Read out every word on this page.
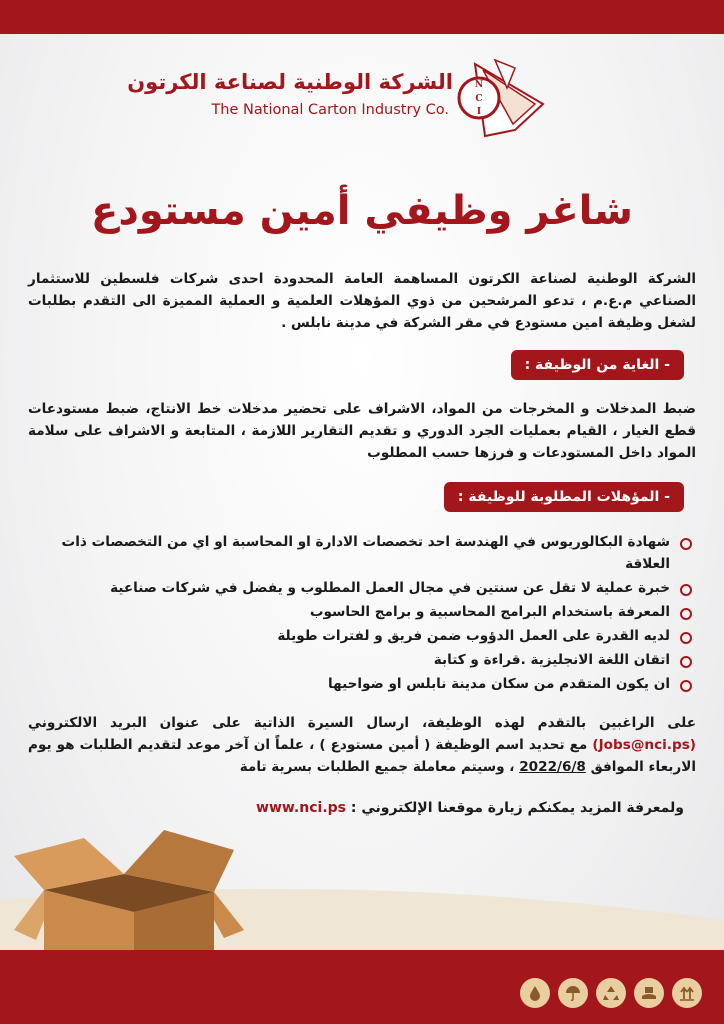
الشركة الوطنية لصناعة الكرتون
The National Carton Industry Co.
N
C
I
شاغر وظيفي أمين مستودع
الشركة الوطنية لصناعة الكرتون المساهمة العامة المحدودة احدى شركات فلسطين للاستثمار الصناعي م.ع.م ، تدعو المرشحين من ذوي المؤهلات العلمية و العملية المميزة الى التقدم بطلبات لشغل وظيفة امين مستودع في مقر الشركة في مدينة نابلس .
- الغاية من الوظيفة :
ضبط المدخلات و المخرجات من المواد، الاشراف على تحضير مدخلات خط الانتاج، ضبط مستودعات قطع الغيار ، القيام بعمليات الجرد الدوري و تقديم التقارير اللازمة ، المتابعة و الاشراف على سلامة المواد داخل المستودعات و فرزها حسب المطلوب
- المؤهلات المطلوبة للوظيفة :
شهادة البكالوريوس في الهندسة احد تخصصات الادارة او المحاسبة او اي من التخصصات ذات العلاقة
خبرة عملية لا تقل عن سنتين في مجال العمل المطلوب و يفضل في شركات صناعية
المعرفة باستخدام البرامج المحاسبية و برامج الحاسوب
لديه القدرة على العمل الدؤوب ضمن فريق و لفترات طويلة
اتقان اللغة الانجليزية .قراءة و كتابة
ان يكون المتقدم من سكان مدينة نابلس او ضواحيها
على الراغبين بالتقدم لهذه الوظيفة، ارسال السيرة الذاتية على عنوان البريد الالكتروني (Jobs@nci.ps) مع تحديد اسم الوظيفة ( أمين مستودع ) ، علماً ان آخر موعد لتقديم الطلبات هو يوم الاربعاء الموافق 2022/6/8 ، وسيتم معاملة جميع الطلبات بسرية تامة
ولمعرفة المزيد يمكنكم زيارة موقعنا الإلكتروني : www.nci.ps
